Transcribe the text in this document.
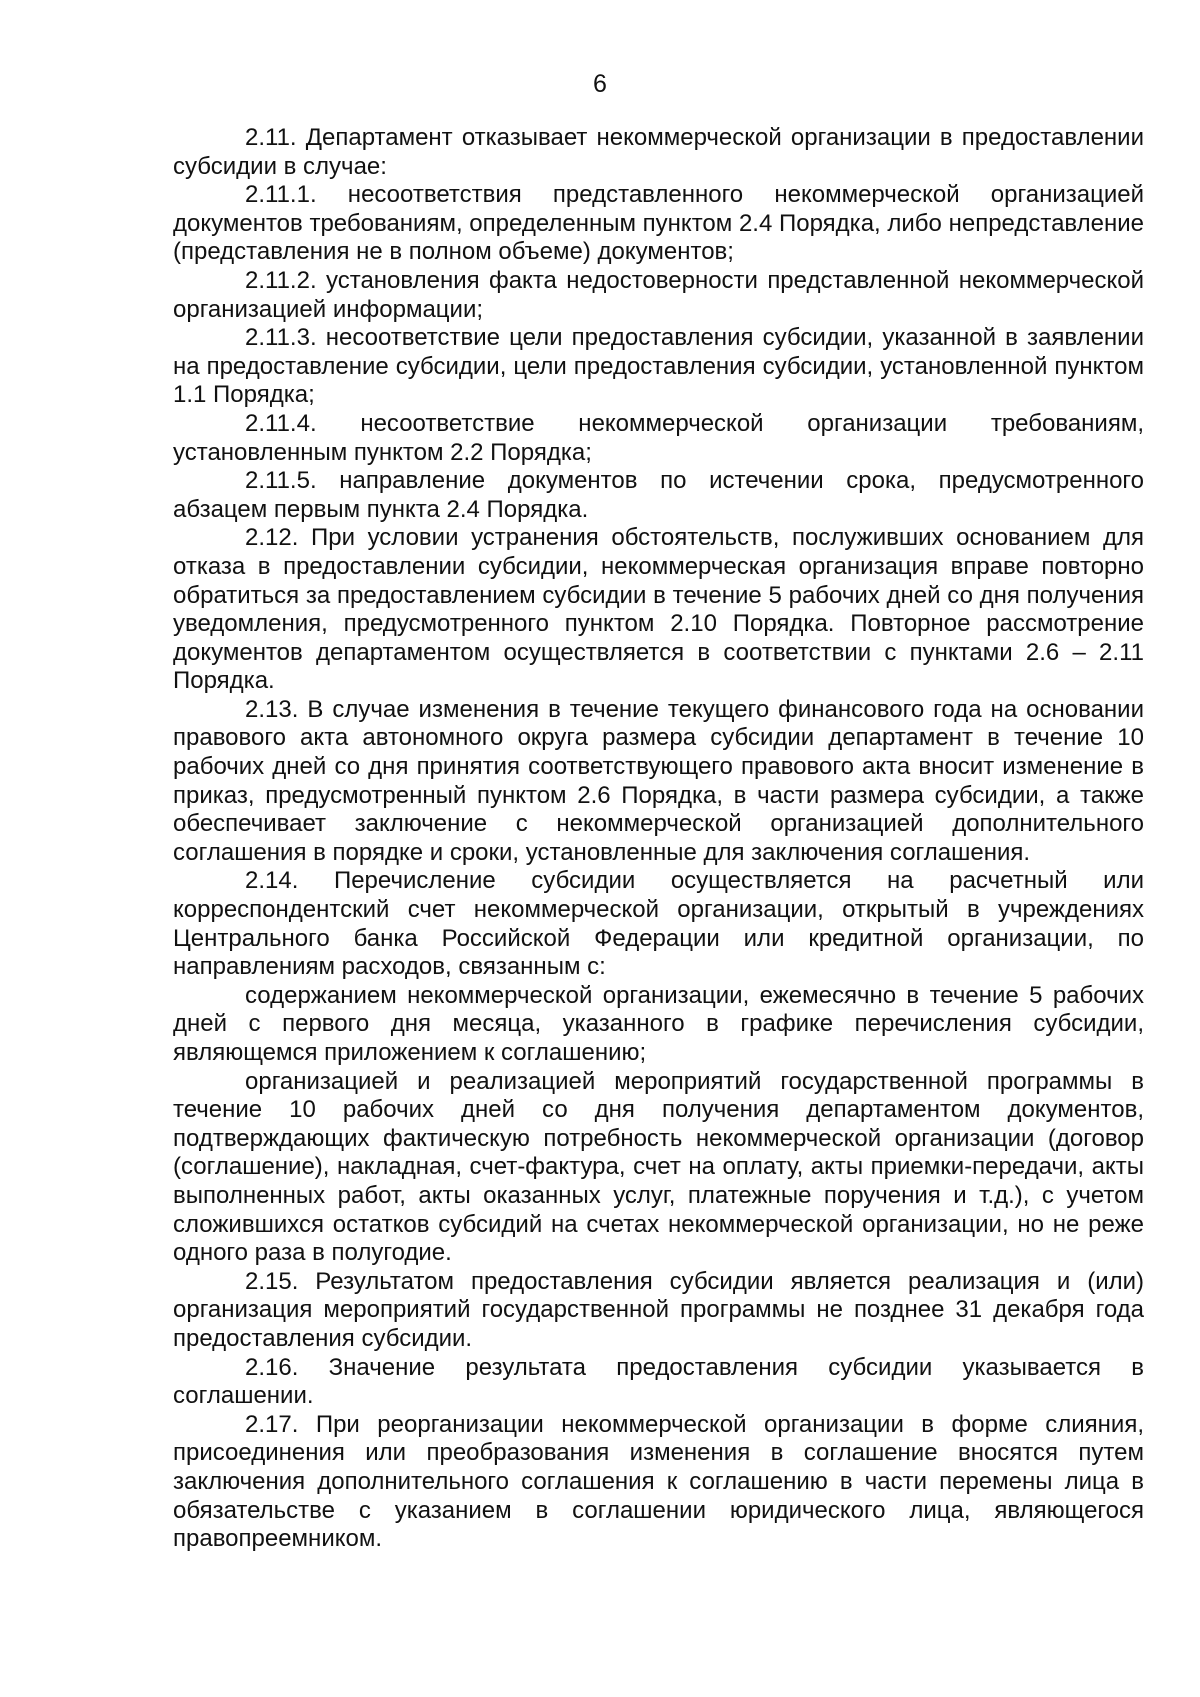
6

2.11. Департамент отказывает некоммерческой организации в предоставлении субсидии в случае:

2.11.1. несоответствия представленного некоммерческой организацией документов требованиям, определенным пунктом 2.4 Порядка, либо непредставление (представления не в полном объеме) документов;

2.11.2. установления факта недостоверности представленной некоммерческой организацией информации;

2.11.3. несоответствие цели предоставления субсидии, указанной в заявлении на предоставление субсидии, цели предоставления субсидии, установленной пунктом 1.1 Порядка;

2.11.4. несоответствие некоммерческой организации требованиям, установленным пунктом 2.2 Порядка;

2.11.5. направление документов по истечении срока, предусмотренного абзацем первым пункта 2.4 Порядка.

2.12. При условии устранения обстоятельств, послуживших основанием для отказа в предоставлении субсидии, некоммерческая организация вправе повторно обратиться за предоставлением субсидии в течение 5 рабочих дней со дня получения уведомления, предусмотренного пунктом 2.10 Порядка. Повторное рассмотрение документов департаментом осуществляется в соответствии с пунктами 2.6 – 2.11 Порядка.

2.13. В случае изменения в течение текущего финансового года на основании правового акта автономного округа размера субсидии департамент в течение 10 рабочих дней со дня принятия соответствующего правового акта вносит изменение в приказ, предусмотренный пунктом 2.6 Порядка, в части размера субсидии, а также обеспечивает заключение с некоммерческой организацией дополнительного соглашения в порядке и сроки, установленные для заключения соглашения.

2.14. Перечисление субсидии осуществляется на расчетный или корреспондентский счет некоммерческой организации, открытый в учреждениях Центрального банка Российской Федерации или кредитной организации, по направлениям расходов, связанным с:

содержанием некоммерческой организации, ежемесячно в течение 5 рабочих дней с первого дня месяца, указанного в графике перечисления субсидии, являющемся приложением к соглашению;

организацией и реализацией мероприятий государственной программы в течение 10 рабочих дней со дня получения департаментом документов, подтверждающих фактическую потребность некоммерческой организации (договор (соглашение), накладная, счет-фактура, счет на оплату, акты приемки-передачи, акты выполненных работ, акты оказанных услуг, платежные поручения и т.д.), с учетом сложившихся остатков субсидий на счетах некоммерческой организации, но не реже одного раза в полугодие.

2.15. Результатом предоставления субсидии является реализация и (или) организация мероприятий государственной программы не позднее 31 декабря года предоставления субсидии.

2.16. Значение результата предоставления субсидии указывается в соглашении.

2.17. При реорганизации некоммерческой организации в форме слияния, присоединения или преобразования изменения в соглашение вносятся путем заключения дополнительного соглашения к соглашению в части перемены лица в обязательстве с указанием в соглашении юридического лица, являющегося правопреемником.
